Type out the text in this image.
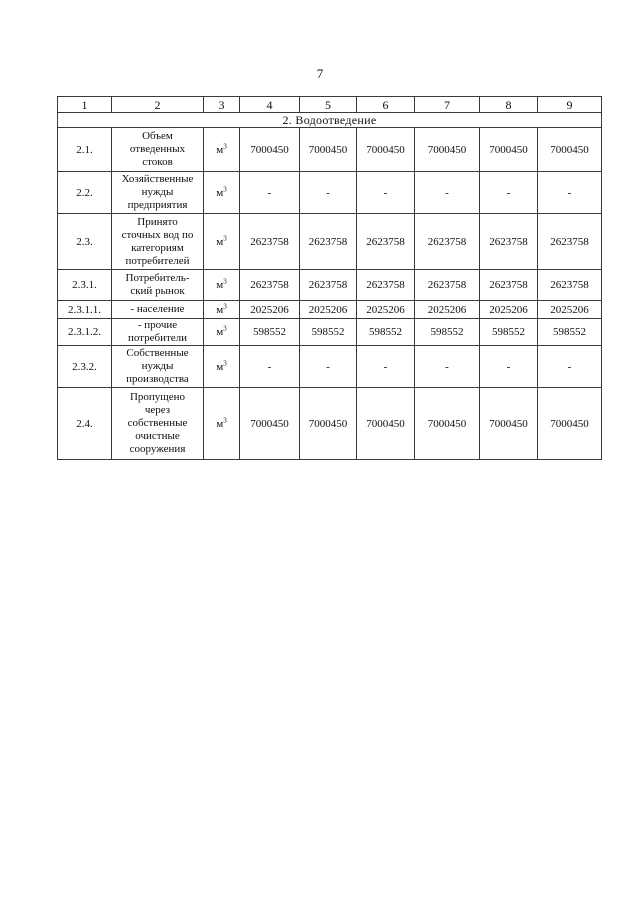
7
1	2	3	4	5	6	7	8	9
2. Водоотведение								
2.1.	Объем
отведенных
стоков	$м^3$	7000450	7000450	7000450	7000450	7000450	7000450
2.2.	Хозяйственные
нужды
предприятия	$м^3$	-	-	-	-	-	-
2.3.	Принято
сточных вод по
категориям
потребителей	$м^3$	2623758	2623758	2623758	2623758	2623758	2623758
2.3.1.	Потребитель-
ский рынок	$м^3$	2623758	2623758	2623758	2623758	2623758	2623758
2.3.1.1.	- население	$м^3$	2025206	2025206	2025206	2025206	2025206	2025206
2.3.1.2.	- прочие
потребители	$м^3$	598552	598552	598552	598552	598552	598552
2.3.2.	Собственные
нужды
производства	$м^3$	-	-	-	-	-	-
2.4.	Пропущено
через
собственные
очистные
сооружения	$м^3$	7000450	7000450	7000450	7000450	7000450	7000450
